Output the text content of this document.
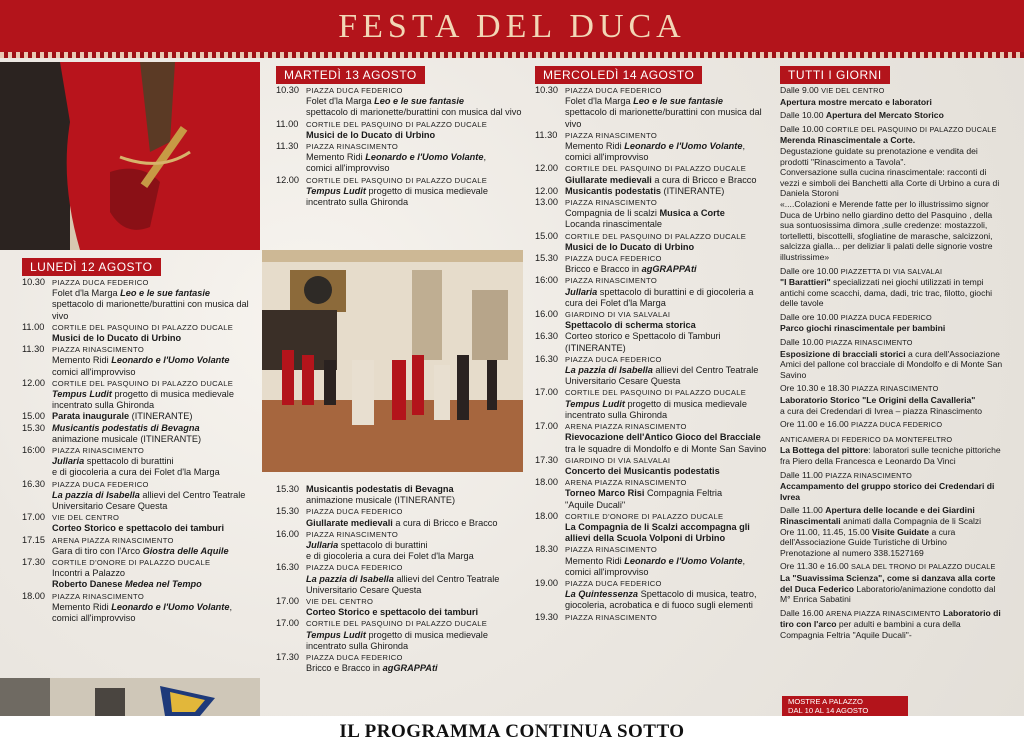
FESTA DEL DUCA
LUNEDÌ 12 AGOSTO
10.30 PIAZZA DUCA FEDERICO
Folet d'la Marga Leo e le sue fantasie
spettacolo di marionette/burattini con musica dal vivo
11.00	CORTILE DEL PASQUINO DI PALAZZO DUCALE
Musici de lo Ducato di Urbino
11.30	PIAZZA RINASCIMENTO
Memento Ridi Leonardo e l'Uomo Volante
comici all'improvviso
12.00 CORTILE DEL PASQUINO DI PALAZZO DUCALE
Tempus Ludit progetto di musica medievale incentrato sulla Ghironda
15.00 Parata inaugurale (ITINERANTE)
15.30 Musicantis podestatis di Bevagna
animazione musicale (ITINERANTE)
16:00 PIAZZA RINASCIMENTO
Jullaria spettacolo di burattini
e di giocoleria a cura dei Folet d'la Marga
16.30 PIAZZA DUCA FEDERICO
La pazzia di Isabella allievi del Centro Teatrale Universitario Cesare Questa
17.00 VIE DEL CENTRO
Corteo Storico e spettacolo dei tamburi
17.15 ARENA PIAZZA RINASCIMENTO
Gara di tiro con l'Arco Giostra delle Aquile
17.30 CORTILE D'ONORE DI PALAZZO DUCALE
Incontri a Palazzo
Roberto Danese Medea nel Tempo
18.00 PIAZZA RINASCIMENTO
Memento Ridi Leonardo e l'Uomo Volante,
comici all'improvviso
MARTEDÌ 13 AGOSTO
10.30 PIAZZA DUCA FEDERICO
Folet d'la Marga Leo e le sue fantasie
spettacolo di marionette/burattini con musica dal vivo
11.00	CORTILE DEL PASQUINO DI PALAZZO DUCALE
Musici de lo Ducato di Urbino
11.30	PIAZZA RINASCIMENTO
Memento Ridi Leonardo e l'Uomo Volante,
comici all'improvviso
12.00 CORTILE DEL PASQUINO DI PALAZZO DUCALE
Tempus Ludit progetto di musica medievale incentrato sulla Ghironda
15.30 Musicantis podestatis di Bevagna
animazione musicale (ITINERANTE)
15.30 PIAZZA DUCA FEDERICO
Giullarate medievali a cura di Bricco e Bracco
16.00 PIAZZA RINASCIMENTO
Jullaria spettacolo di burattini
e di giocoleria a cura dei Folet d'la Marga
16.30 PIAZZA DUCA FEDERICO
La pazzia di Isabella allievi del Centro Teatrale Universitario Cesare Questa
17.00 VIE DEL CENTRO
Corteo Storico e spettacolo dei tamburi
17.00 CORTILE DEL PASQUINO DI PALAZZO DUCALE
Tempus Ludit progetto di musica medievale incentrato sulla Ghironda
17.30 PIAZZA DUCA FEDERICO
Bricco e Bracco in agGRAPPAti
MERCOLEDÌ 14 AGOSTO
10.30 PIAZZA DUCA FEDERICO
Folet d'la Marga Leo e le sue fantasie
spettacolo di marionette/burattini con musica dal vivo
11.30	PIAZZA RINASCIMENTO
Memento Ridi Leonardo e l'Uomo Volante,
comici all'improvviso
12.00 CORTILE DEL PASQUINO DI PALAZZO DUCALE
Giullarate medievali a cura di Bricco e Bracco
12.00 Musicantis podestatis (ITINERANTE)
13.00 PIAZZA RINASCIMENTO
Compagnia de li scalzi Musica a Corte
Locanda rinascimentale
15.00 CORTILE DEL PASQUINO DI PALAZZO DUCALE
Musici de lo Ducato di Urbino
15.30 PIAZZA DUCA FEDERICO
Bricco e Bracco in agGRAPPAti
16:00 PIAZZA RINASCIMENTO
Jullaria spettacolo di burattini e di giocoleria a cura dei Folet d'la Marga
16.00 GIARDINO DI VIA SALVALAI
Spettacolo di scherma storica
16.30 Corteo storico e Spettacolo di Tamburi
(ITINERANTE)
16.30 PIAZZA DUCA FEDERICO
La pazzia di Isabella allievi del Centro Teatrale Universitario Cesare Questa
17.00 CORTILE DEL PASQUINO DI PALAZZO DUCALE
Tempus Ludit progetto di musica medievale incentrato sulla Ghironda
17.00 ARENA PIAZZA RINASCIMENTO
Rievocazione dell'Antico Gioco del Bracciale tra le squadre di Mondolfo e di Monte San Savino
17.30 GIARDINO DI VIA SALVALAI
Concerto dei Musicantis podestatis
18.00 ARENA PIAZZA RINASCIMENTO
Torneo Marco Risi Compagnia Feltria
"Aquile Ducali"
18.00 CORTILE D'ONORE DI PALAZZO DUCALE
La Compagnia de li Scalzi accompagna gli allievi della Scuola Volponi di Urbino
18.30 PIAZZA RINASCIMENTO
Memento Ridi Leonardo e l'Uomo Volante,
comici all'improvviso
19.00 PIAZZA DUCA FEDERICO
La Quintessenza Spettacolo di musica, teatro, giocoleria, acrobatica e di fuoco sugli elementi
19.30 PIAZZA RINASCIMENTO
TUTTI I GIORNI
Dalle 9.00 VIE DEL CENTRO
Apertura mostre mercato e laboratori
Dalle 10.00 Apertura del Mercato Storico
Dalle 10.00 CORTILE DEL PASQUINO DI PALAZZO DUCALE
Merenda Rinascimentale a Corte.
Degustazione guidate su prenotazione e vendita dei prodotti "Rinascimento a Tavola".
Conversazione sulla cucina rinascimentale: racconti di vezzi e simboli dei Banchetti alla Corte di Urbino a cura di Daniela Storoni
«....Colazioni e Merende fatte per lo illustrissimo signor Duca de Urbino nello giardino detto del Pasquino , della sua sontuosissima dimora ,sulle credenze: mostazzoli, tortelletti, biscottelli, sfogliatine de marasche, salcizzoni, salcizza gialla... per deliziar li palati delle signorie vostre illustrissime»
Dalle ore 10.00 PIAZZETTA DI VIA SALVALAI
"I Barattieri" specializzati nei giochi utilizzati in tempi antichi come scacchi, dama, dadi, tric trac, filotto, giochi delle tavole
Dalle ore 10.00 PIAZZA DUCA FEDERICO
Parco giochi rinascimentale per bambini
Dalle 10.00 PIAZZA RINASCIMENTO
Esposizione di bracciali storici a cura dell'Associazione Amici del pallone col bracciale di Mondolfo e di Monte San Savino
Ore 10.30 e 18.30 PIAZZA RINASCIMENTO
Laboratorio Storico "Le Origini della Cavalleria"
a cura dei Credendari di Ivrea – piazza Rinascimento
Ore 11.00 e 16.00 PIAZZA DUCA FEDERICO
ANTICAMERA DI FEDERICO DA MONTEFELTRO
La Bottega del pittore: laboratori sulle tecniche pittoriche fra Piero della Francesca e Leonardo Da Vinci
Dalle 11.00 PIAZZA RINASCIMENTO
Accampamento del gruppo storico dei Credendari di Ivrea
Dalle 11.00 Apertura delle locande e dei Giardini Rinascimentali animati dalla Compagnia de li Scalzi
Ore 11.00, 11.45, 15.00 Visite Guidate a cura dell'Associazione Guide Turistiche di Urbino
Prenotazione al numero 338.1527169
Ore 11.30 e 16.00 SALA DEL TRONO DI PALAZZO DUCALE
La "Suavissima Scienza", come si danzava alla corte del Duca Federico Laboratorio/animazione condotto dal M° Enrica Sabatini
Dalle 16.00 ARENA PIAZZA RINASCIMENTO Laboratorio di tiro con l'arco per adulti e bambini a cura della Compagnia Feltria "Aquile Ducali"-
MOSTRE A PALAZZO
DAL 10 AL 14 AGOSTO
IL PROGRAMMA CONTINUA SOTTO
